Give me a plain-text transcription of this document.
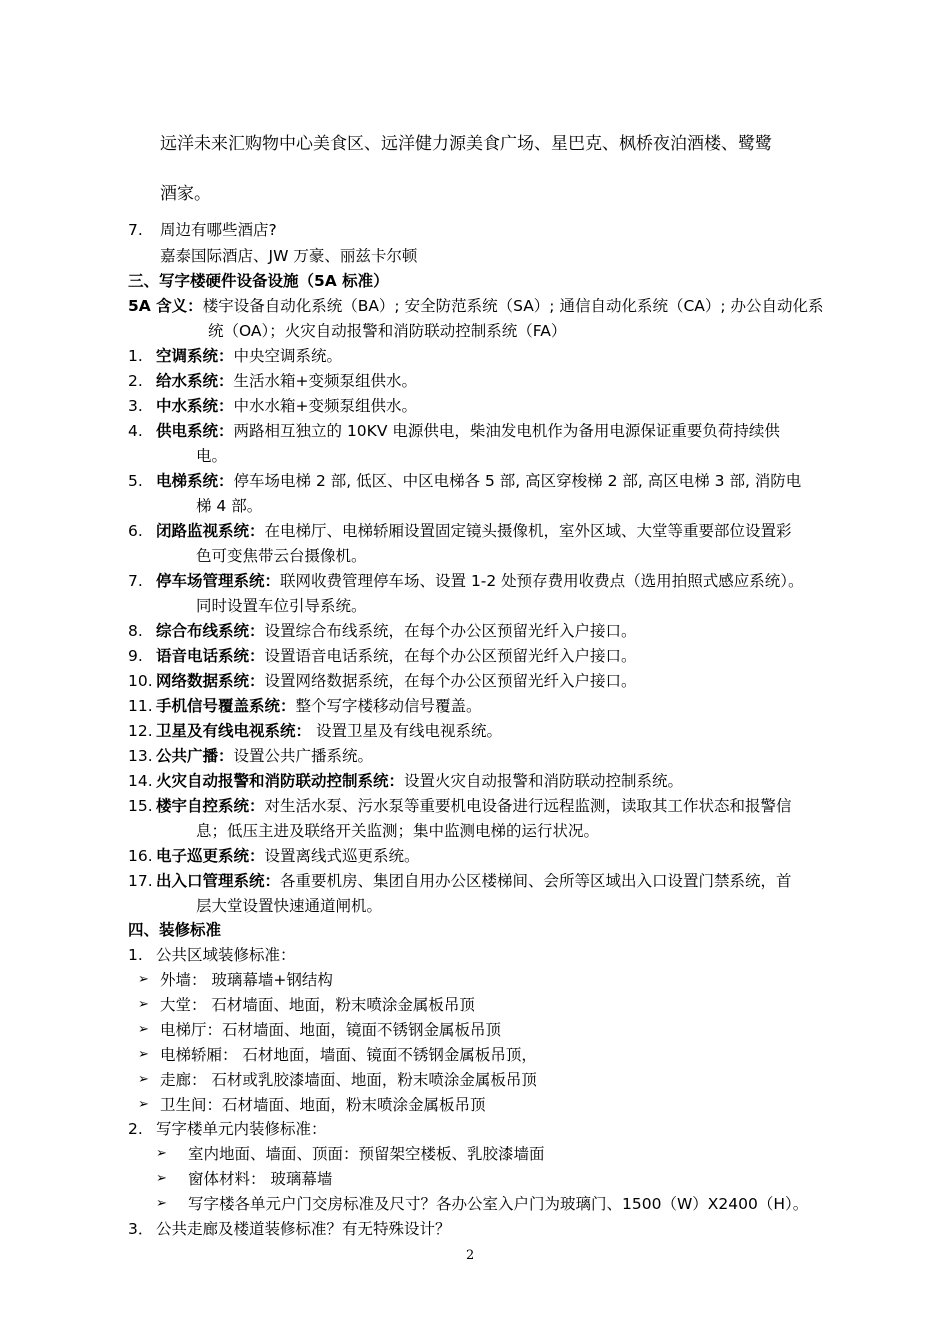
远洋未来汇购物中心美食区、远洋健力源美食广场、星巴克、枫桥夜泊酒楼、鹭鹭
酒家。
7. 周边有哪些酒店?
嘉泰国际酒店、JW 万豪、丽兹卡尔顿
三、写字楼硬件设备设施（5A 标准）
5A 含义：楼宇设备自动化系统（BA）; 安全防范系统（SA）; 通信自动化系统（CA）; 办公自动化系
统（OA）；火灾自动报警和消防联动控制系统（FA）
1. 空调系统：中央空调系统。
2. 给水系统：生活水箱+变频泵组供水。
3. 中水系统：中水水箱+变频泵组供水。
4. 供电系统：两路相互独立的 10KV 电源供电，柴油发电机作为备用电源保证重要负荷持续供
电。
5. 电梯系统：停车场电梯 2 部, 低区、中区电梯各 5 部, 高区穿梭梯 2 部, 高区电梯 3 部, 消防电
梯 4 部。
6. 闭路监视系统：在电梯厅、电梯轿厢设置固定镜头摄像机，室外区域、大堂等重要部位设置彩
色可变焦带云台摄像机。
7. 停车场管理系统：联网收费管理停车场、设置 1-2 处预存费用收费点（选用拍照式感应系统）。
同时设置车位引导系统。
8. 综合布线系统：设置综合布线系统，在每个办公区预留光纤入户接口。
9. 语音电话系统：设置语音电话系统，在每个办公区预留光纤入户接口。
10. 网络数据系统：设置网络数据系统，在每个办公区预留光纤入户接口。
11. 手机信号覆盖系统：整个写字楼移动信号覆盖。
12. 卫星及有线电视系统： 设置卫星及有线电视系统。
13. 公共广播：设置公共广播系统。
14. 火灾自动报警和消防联动控制系统：设置火灾自动报警和消防联动控制系统。
15. 楼宇自控系统：对生活水泵、污水泵等重要机电设备进行远程监测，读取其工作状态和报警信
息；低压主进及联络开关监测；集中监测电梯的运行状况。
16. 电子巡更系统：设置离线式巡更系统。
17. 出入口管理系统：各重要机房、集团自用办公区楼梯间、会所等区域出入口设置门禁系统，首
层大堂设置快速通道闸机。
四、装修标准
1. 公共区域装修标准：
➢ 外墙： 玻璃幕墙+钢结构
➢ 大堂： 石材墙面、地面，粉末喷涂金属板吊顶
➢ 电梯厅：石材墙面、地面，镜面不锈钢金属板吊顶
➢ 电梯轿厢： 石材地面，墙面、镜面不锈钢金属板吊顶，
➢ 走廊： 石材或乳胶漆墙面、地面，粉末喷涂金属板吊顶
➢ 卫生间：石材墙面、地面，粉末喷涂金属板吊顶
2. 写字楼单元内装修标准：
➢ 室内地面、墙面、顶面：预留架空楼板、乳胶漆墙面
➢ 窗体材料： 玻璃幕墙
➢ 写字楼各单元户门交房标准及尺寸？各办公室入户门为玻璃门、1500（W）X2400（H）。
3． 公共走廊及楼道装修标准？有无特殊设计？
2
